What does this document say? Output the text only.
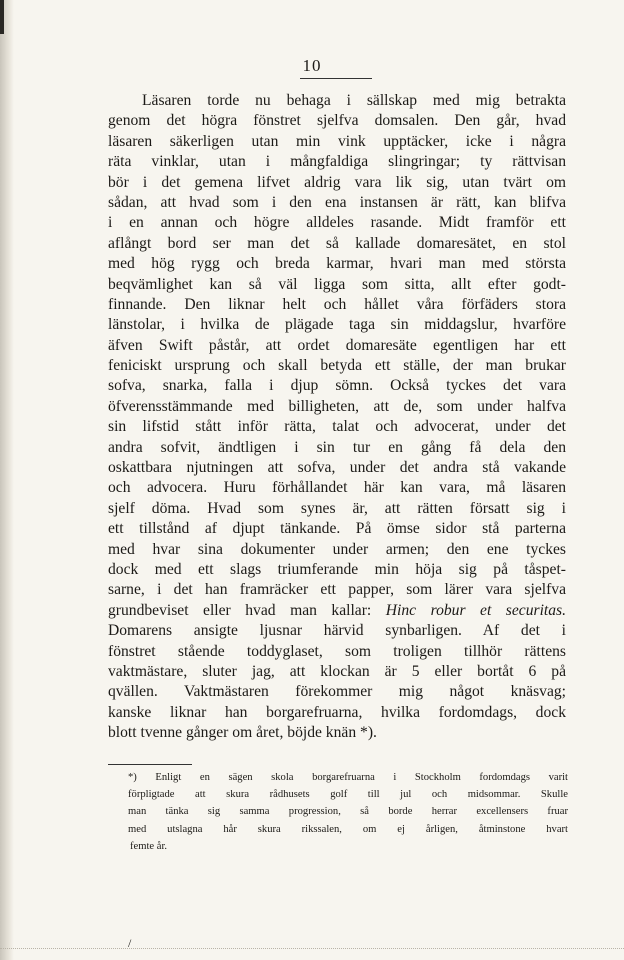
10
Läsaren torde nu behaga i sällskap med mig betrakta
genom det högra fönstret sjelfva domsalen. Den går, hvad
läsaren säkerligen utan min vink upptäcker, icke i några
räta vinklar, utan i mångfaldiga slingringar; ty rättvisan
bör i det gemena lifvet aldrig vara lik sig, utan tvärt om
sådan, att hvad som i den ena instansen är rätt, kan blifva
i en annan och högre alldeles rasande. Midt framför ett
aflångt bord ser man det så kallade domaresätet, en stol
med hög rygg och breda karmar, hvari man med största
beqvämlighet kan så väl ligga som sitta, allt efter godt-
finnande. Den liknar helt och hållet våra förfäders stora
länstolar, i hvilka de plägade taga sin middagslur, hvarföre
äfven Swift påstår, att ordet domaresäte egentligen har ett
feniciskt ursprung och skall betyda ett ställe, der man brukar
sofva, snarka, falla i djup sömn. Också tyckes det vara
öfverensstämmande med billigheten, att de, som under halfva
sin lifstid stått inför rätta, talat och advocerat, under det
andra sofvit, ändtligen i sin tur en gång få dela den
oskattbara njutningen att sofva, under det andra stå vakande
och advocera. Huru förhållandet här kan vara, må läsaren
sjelf döma. Hvad som synes är, att rätten försatt sig i
ett tillstånd af djupt tänkande. På ömse sidor stå parterna
med hvar sina dokumenter under armen; den ene tyckes
dock med ett slags triumferande min höja sig på tåspet-
sarne, i det han framräcker ett papper, som lärer vara sjelfva
grundbeviset eller hvad man kallar: Hinc robur et securitas.
Domarens ansigte ljusnar härvid synbarligen. Af det i
fönstret stående toddyglaset, som troligen tillhör rättens
vaktmästare, sluter jag, att klockan är 5 eller bortåt 6 på
qvällen. Vaktmästaren förekommer mig något knäsvag;
kanske liknar han borgarefruarna, hvilka fordomdags, dock
blott tvenne gånger om året, böjde knän *).
*) Enligt en sägen skola borgarefruarna i Stockholm fordomdags varit
förpligtade att skura rådhusets golf till jul och midsommar. Skulle
man tänka sig samma progression, så borde herrar excellensers fruar
med utslagna hår skura rikssalen, om ej årligen, åtminstone hvart
femte år.
/
